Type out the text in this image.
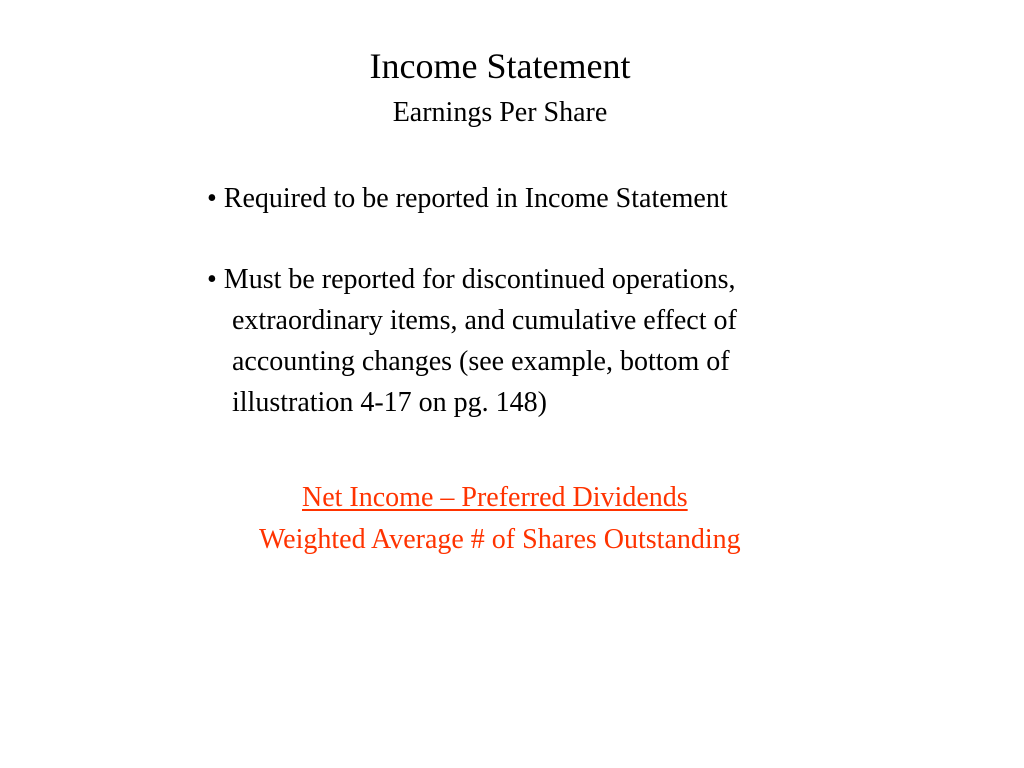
Income Statement
Earnings Per Share
• Required to be reported in Income Statement
• Must be reported for discontinued operations,
extraordinary items, and cumulative effect of
accounting changes (see example, bottom of
illustration 4-17 on pg. 148)
Net Income – Preferred Dividends
Weighted Average # of Shares Outstanding
